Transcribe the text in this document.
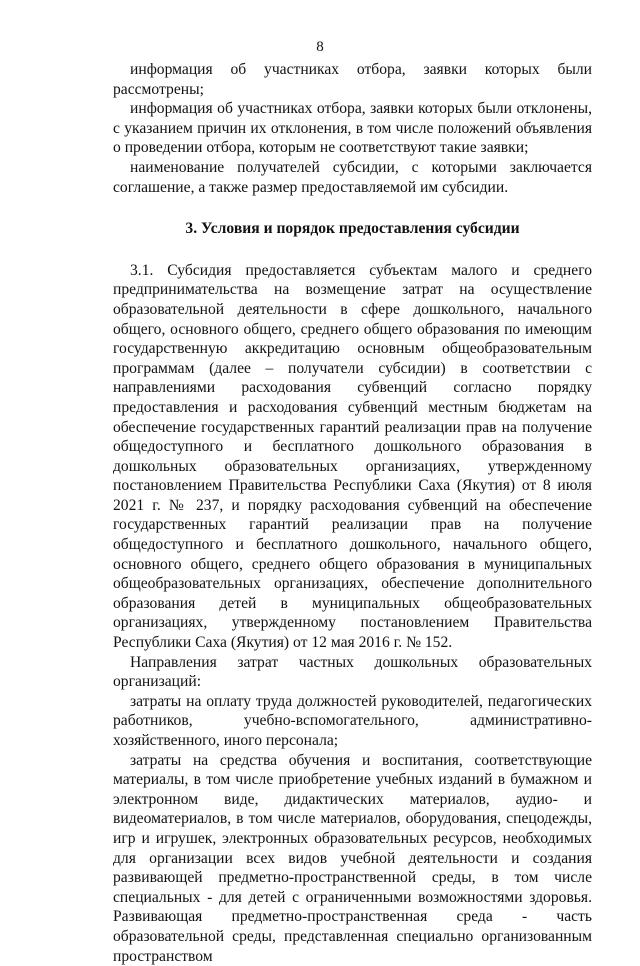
8

информация об участниках отбора, заявки которых были рассмотрены;

информация об участниках отбора, заявки которых были отклонены, с указанием причин их отклонения, в том числе положений объявления о проведении отбора, которым не соответствуют такие заявки;

наименование получателей субсидии, с которыми заключается соглашение, а также размер предоставляемой им субсидии.

3. Условия и порядок предоставления субсидии

3.1. Субсидия предоставляется субъектам малого и среднего предпринимательства на возмещение затрат на осуществление образовательной деятельности в сфере дошкольного, начального общего, основного общего, среднего общего образования по имеющим государственную аккредитацию основным общеобразовательным программам (далее – получатели субсидии) в соответствии с направлениями расходования субвенций согласно порядку предоставления и расходования субвенций местным бюджетам на обеспечение государственных гарантий реализации прав на получение общедоступного и бесплатного дошкольного образования в дошкольных образовательных организациях, утвержденному постановлением Правительства Республики Саха (Якутия) от 8 июля 2021 г. № 237, и порядку расходования субвенций на обеспечение государственных гарантий реализации прав на получение общедоступного и бесплатного дошкольного, начального общего, основного общего, среднего общего образования в муниципальных общеобразовательных организациях, обеспечение дополнительного образования детей в муниципальных общеобразовательных организациях, утвержденному постановлением Правительства Республики Саха (Якутия) от 12 мая 2016 г. № 152.

Направления затрат частных дошкольных образовательных организаций:

затраты на оплату труда должностей руководителей, педагогических работников, учебно-вспомогательного, административно-хозяйственного, иного персонала;

затраты на средства обучения и воспитания, соответствующие материалы, в том числе приобретение учебных изданий в бумажном и электронном виде, дидактических материалов, аудио- и видеоматериалов, в том числе материалов, оборудования, спецодежды, игр и игрушек, электронных образовательных ресурсов, необходимых для организации всех видов учебной деятельности и создания развивающей предметно-пространственной среды, в том числе специальных - для детей с ограниченными возможностями здоровья. Развивающая предметно-пространственная среда - часть образовательной среды, представленная специально организованным пространством
